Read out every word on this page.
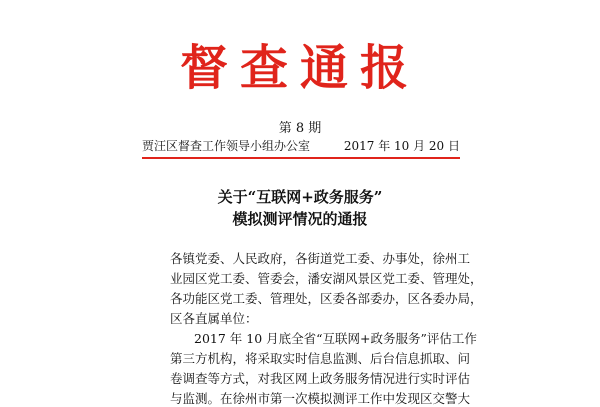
督查通报
第 8 期
贾汪区督查工作领导小组办公室	2017 年 10 月 20 日
关于“互联网+政务服务”
模拟测评情况的通报
各镇党委、人民政府，各街道党工委、办事处，徐州工
业园区党工委、管委会，潘安湖风景区党工委、管理处，
各功能区党工委、管理处，区委各部委办，区各委办局，
区各直属单位：
2017 年 10 月底全省“互联网+政务服务”评估工作
第三方机构，将采取实时信息监测、后台信息抓取、问
卷调查等方式，对我区网上政务服务情况进行实时评估
与监测。在徐州市第一次模拟测评工作中发现区交警大
